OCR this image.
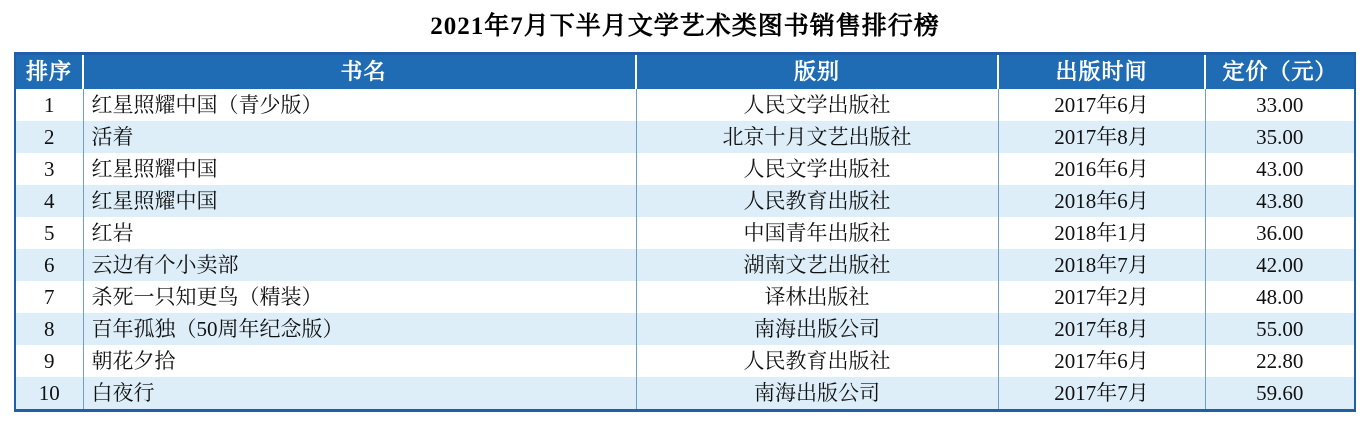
2021年7月下半月文学艺术类图书销售排行榜
排序	书名	版别	出版时间	定价（元）
1	红星照耀中国（青少版）	人民文学出版社	2017年6月	33.00
2	活着	北京十月文艺出版社	2017年8月	35.00
3	红星照耀中国	人民文学出版社	2016年6月	43.00
4	红星照耀中国	人民教育出版社	2018年6月	43.80
5	红岩	中国青年出版社	2018年1月	36.00
6	云边有个小卖部	湖南文艺出版社	2018年7月	42.00
7	杀死一只知更鸟（精装）	译林出版社	2017年2月	48.00
8	百年孤独（50周年纪念版）	南海出版公司	2017年8月	55.00
9	朝花夕拾	人民教育出版社	2017年6月	22.80
10	白夜行	南海出版公司	2017年7月	59.60
